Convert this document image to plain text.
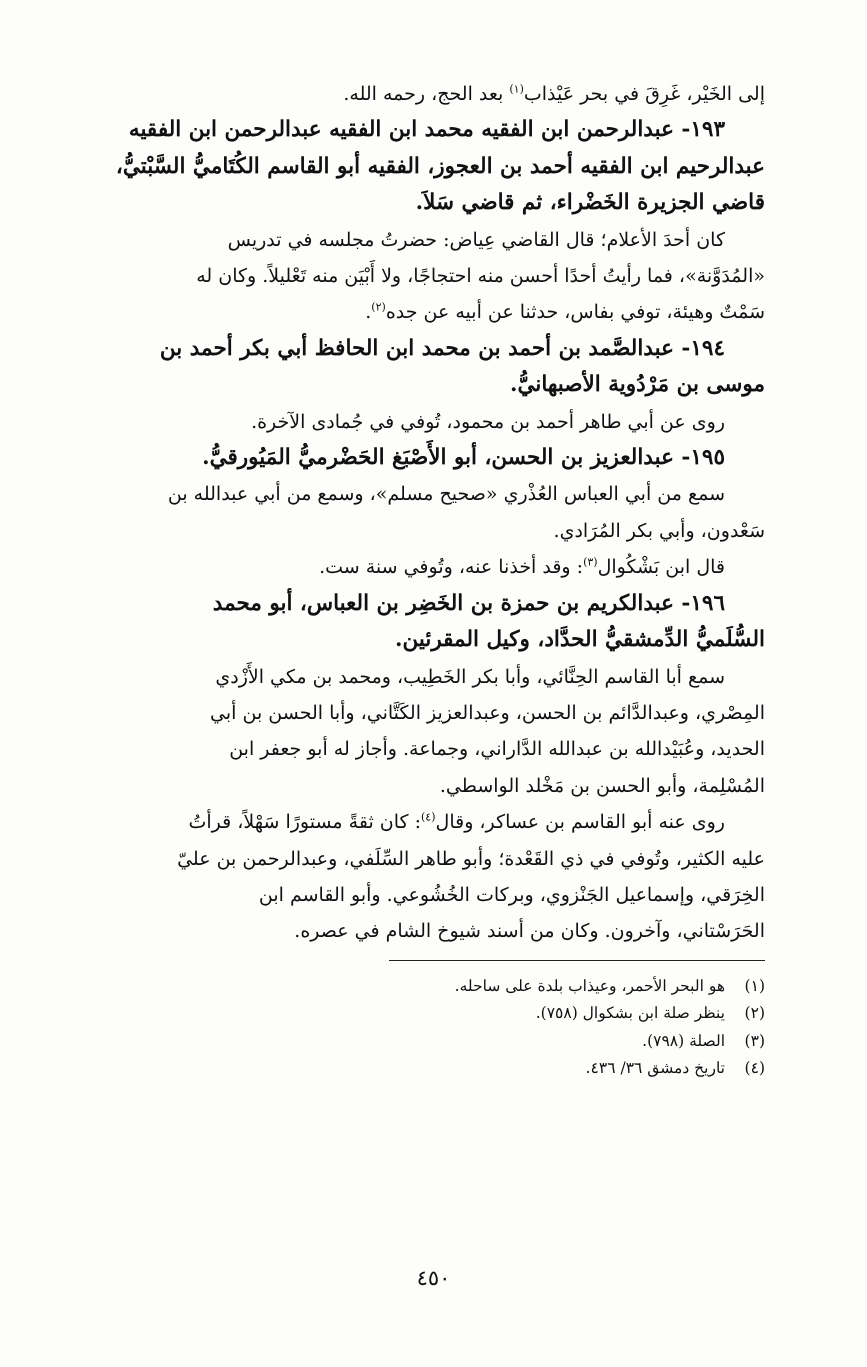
إلى الخَيْر، غَرِقَ في بحر عَيْذاب$^{(١)}$ بعد الحج، رحمه الله.

١٩٣- عبدالرحمن ابن الفقيه محمد ابن الفقيه عبدالرحمن ابن الفقيه

عبدالرحيم ابن الفقيه أحمد بن العجوز، الفقيه أبو القاسم الكُتَاميُّ السَّبْتيُّ،

قاضي الجزيرة الخَضْراء، ثم قاضي سَلاَ.

كان أحدَ الأعلام؛ قال القاضي عِياض: حضرتُ مجلسه في تدريس

«المُدَوَّنة»، فما رأيتُ أحدًا أحسن منه احتجاجًا، ولا أَبْيَن منه تَعْليلاً. وكان له

سَمْتٌ وهيئة، توفي بفاس، حدثنا عن أبيه عن جده$^{(٢)}$.

١٩٤- عبدالصَّمد بن أحمد بن محمد ابن الحافظ أبي بكر أحمد بن

موسى بن مَرْدُوية الأصبهانيُّ.

روى عن أبي طاهر أحمد بن محمود، تُوفي في جُمادى الآخرة.

١٩٥- عبدالعزيز بن الحسن، أبو الأَصْبَغ الحَضْرميُّ المَيُورقيُّ.

سمع من أبي العباس العُذْري «صحيح مسلم»، وسمع من أبي عبدالله بن

سَعْدون، وأبي بكر المُرَادي.

قال ابن بَشْكُوال$^{(٣)}$: وقد أخذنا عنه، وتُوفي سنة ست.

١٩٦- عبدالكريم بن حمزة بن الخَضِر بن العباس، أبو محمد

السُّلَميُّ الدِّمشقيُّ الحدَّاد، وكيل المقرئين.

سمع أبا القاسم الحِنَّائي، وأبا بكر الخَطِيب، ومحمد بن مكي الأَزْدي

المِصْري، وعبدالدَّائم بن الحسن، وعبدالعزيز الكَتَّاني، وأبا الحسن بن أبي

الحديد، وعُبَيْدالله بن عبدالله الدَّاراني، وجماعة. وأجاز له أبو جعفر ابن

المُسْلِمة، وأبو الحسن بن مَخْلد الواسطي.

روى عنه أبو القاسم بن عساكر، وقال$^{(٤)}$: كان ثقةً مستورًا سَهْلاً، قرأتُ

عليه الكثير، وتُوفي في ذي القَعْدة؛ وأبو طاهر السِّلَفي، وعبدالرحمن بن عليّ

الخِرَقي، وإسماعيل الجَنْزوي، وبركات الخُشُوعي. وأبو القاسم ابن

الحَرَسْتاني، وآخرون. وكان من أسند شيوخ الشام في عصره.

(١)هو البحر الأحمر، وعيذاب بلدة على ساحله.
(٢)ينظر صلة ابن بشكوال (٧٥٨).
(٣)الصلة (٧٩٨).
(٤)تاريخ دمشق ٣٦/ ٤٣٦.
٤٥٠
